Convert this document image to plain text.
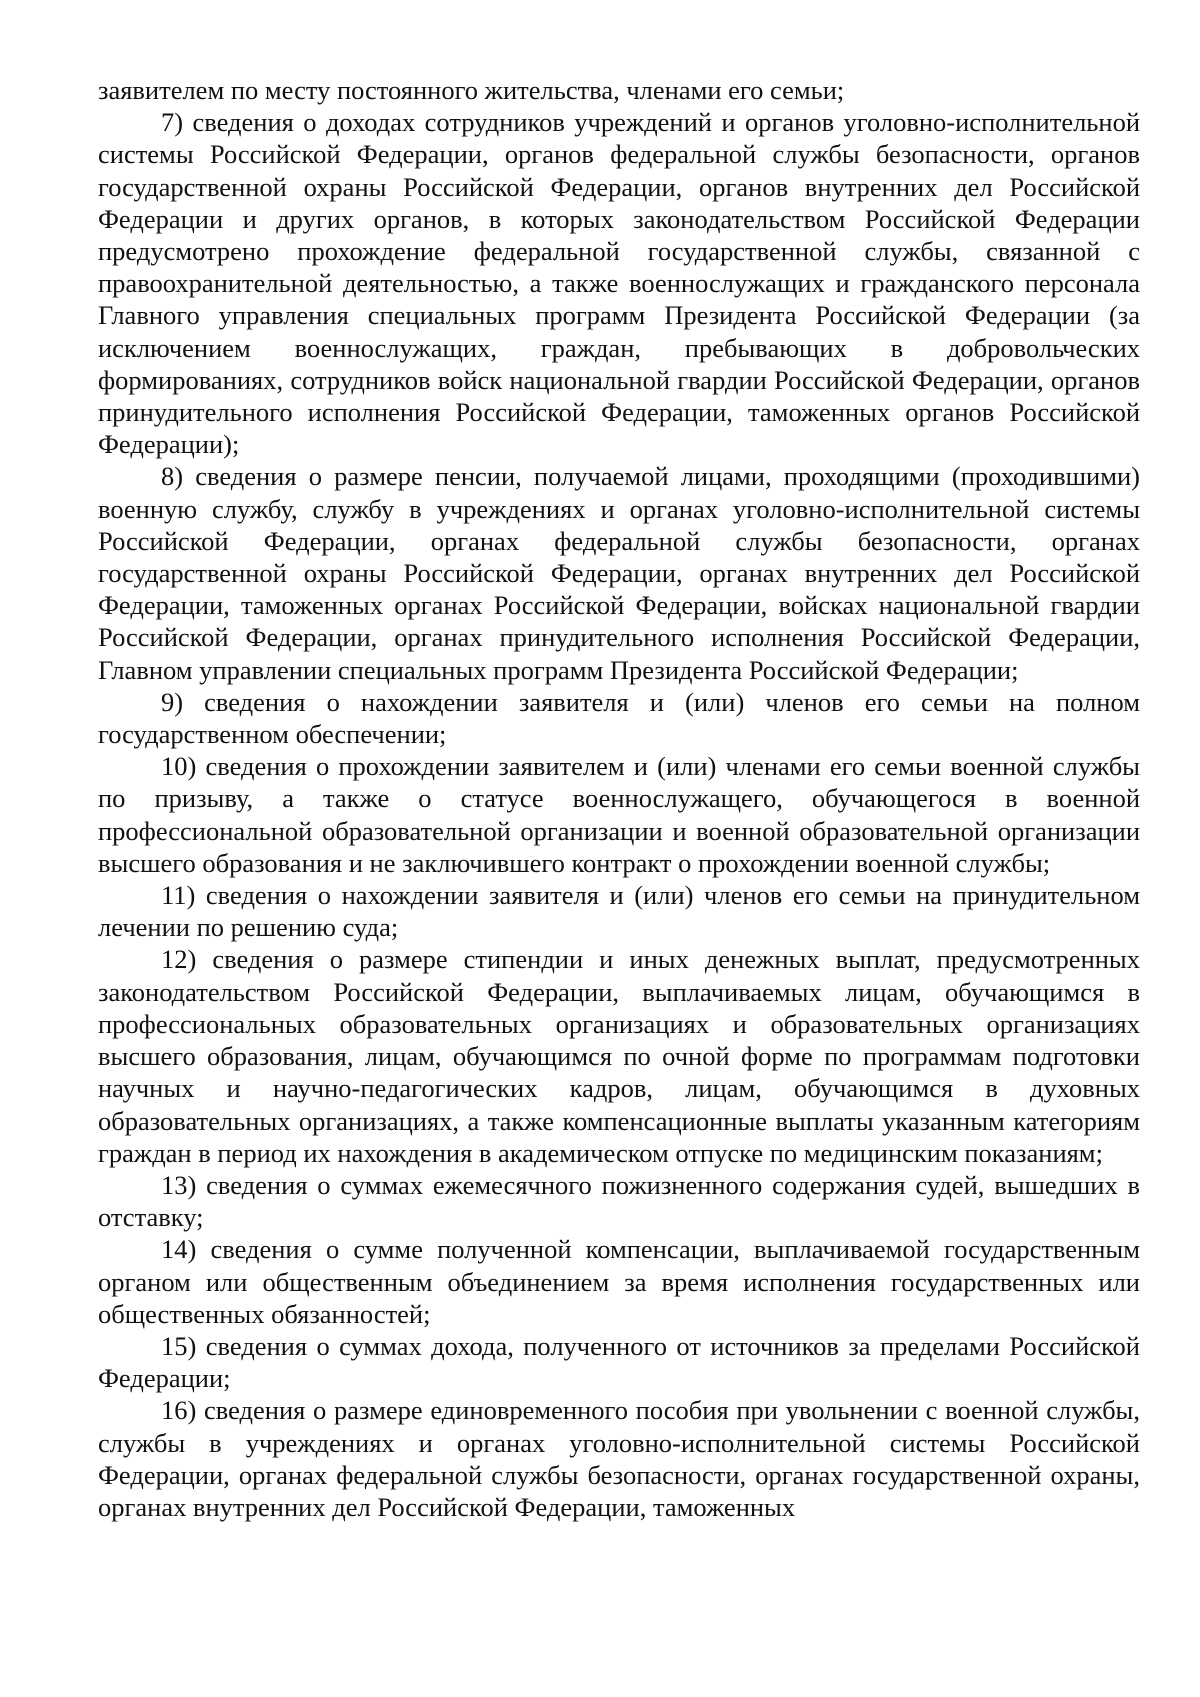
заявителем по месту постоянного жительства, членами его семьи;

7) сведения о доходах сотрудников учреждений и органов уголовно-исполнительной системы Российской Федерации, органов федеральной службы безопасности, органов государственной охраны Российской Федерации, органов внутренних дел Российской Федерации и других органов, в которых законодательством Российской Федерации предусмотрено прохождение федеральной государственной службы, связанной с правоохранительной деятельностью, а также военнослужащих и гражданского персонала Главного управления специальных программ Президента Российской Федерации (за исключением военнослужащих, граждан, пребывающих в добровольческих формированиях, сотрудников войск национальной гвардии Российской Федерации, органов принудительного исполнения Российской Федерации, таможенных органов Российской Федерации);

8) сведения о размере пенсии, получаемой лицами, проходящими (проходившими) военную службу, службу в учреждениях и органах уголовно-исполнительной системы Российской Федерации, органах федеральной службы безопасности, органах государственной охраны Российской Федерации, органах внутренних дел Российской Федерации, таможенных органах Российской Федерации, войсках национальной гвардии Российской Федерации, органах принудительного исполнения Российской Федерации, Главном управлении специальных программ Президента Российской Федерации;

9) сведения о нахождении заявителя и (или) членов его семьи на полном государственном обеспечении;

10) сведения о прохождении заявителем и (или) членами его семьи военной службы по призыву, а также о статусе военнослужащего, обучающегося в военной профессиональной образовательной организации и военной образовательной организации высшего образования и не заключившего контракт о прохождении военной службы;

11) сведения о нахождении заявителя и (или) членов его семьи на принудительном лечении по решению суда;

12) сведения о размере стипендии и иных денежных выплат, предусмотренных законодательством Российской Федерации, выплачиваемых лицам, обучающимся в профессиональных образовательных организациях и образовательных организациях высшего образования, лицам, обучающимся по очной форме по программам подготовки научных и научно-педагогических кадров, лицам, обучающимся в духовных образовательных организациях, а также компенсационные выплаты указанным категориям граждан в период их нахождения в академическом отпуске по медицинским показаниям;

13) сведения о суммах ежемесячного пожизненного содержания судей, вышедших в отставку;

14) сведения о сумме полученной компенсации, выплачиваемой государственным органом или общественным объединением за время исполнения государственных или общественных обязанностей;

15) сведения о суммах дохода, полученного от источников за пределами Российской Федерации;

16) сведения о размере единовременного пособия при увольнении с военной службы, службы в учреждениях и органах уголовно-исполнительной системы Российской Федерации, органах федеральной службы безопасности, органах государственной охраны, органах внутренних дел Российской Федерации, таможенных
